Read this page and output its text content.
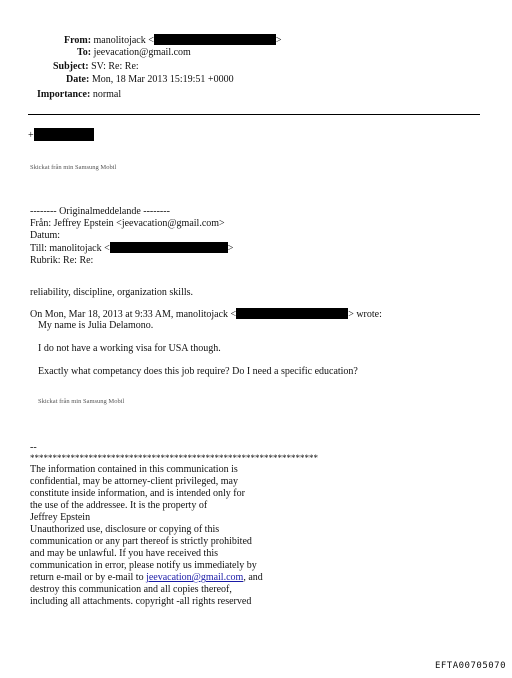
From: manolitojack <	>
To: jeevacation@gmail.com
Subject: SV: Re: Re:
Date: Mon, 18 Mar 2013 15:19:51 +0000
Importance: normal
+
Skickat från min Samsung Mobil
-------- Originalmeddelande --------
Från: Jeffrey Epstein <jeevacation@gmail.com>
Datum:
Till: manolitojack <	>
Rubrik: Re: Re:
reliability, discipline, organization skills.
On Mon, Mar 18, 2013 at 9:33 AM, manolitojack <	> wrote:
My name is Julia Delamono.
I do not have a working visa for USA though.
Exactly what competancy does this job require? Do I need a specific education?
Skickat från min Samsung Mobil
--
****************************************************************
The information contained in this communication is
confidential, may be attorney-client privileged, may
constitute inside information, and is intended only for
the use of the addressee. It is the property of
Jeffrey Epstein
Unauthorized use, disclosure or copying of this
communication or any part thereof is strictly prohibited
and may be unlawful. If you have received this
communication in error, please notify us immediately by
return e-mail or by e-mail to jeevacation@gmail.com, and
destroy this communication and all copies thereof,
including all attachments. copyright -all rights reserved
EFTA00705070
